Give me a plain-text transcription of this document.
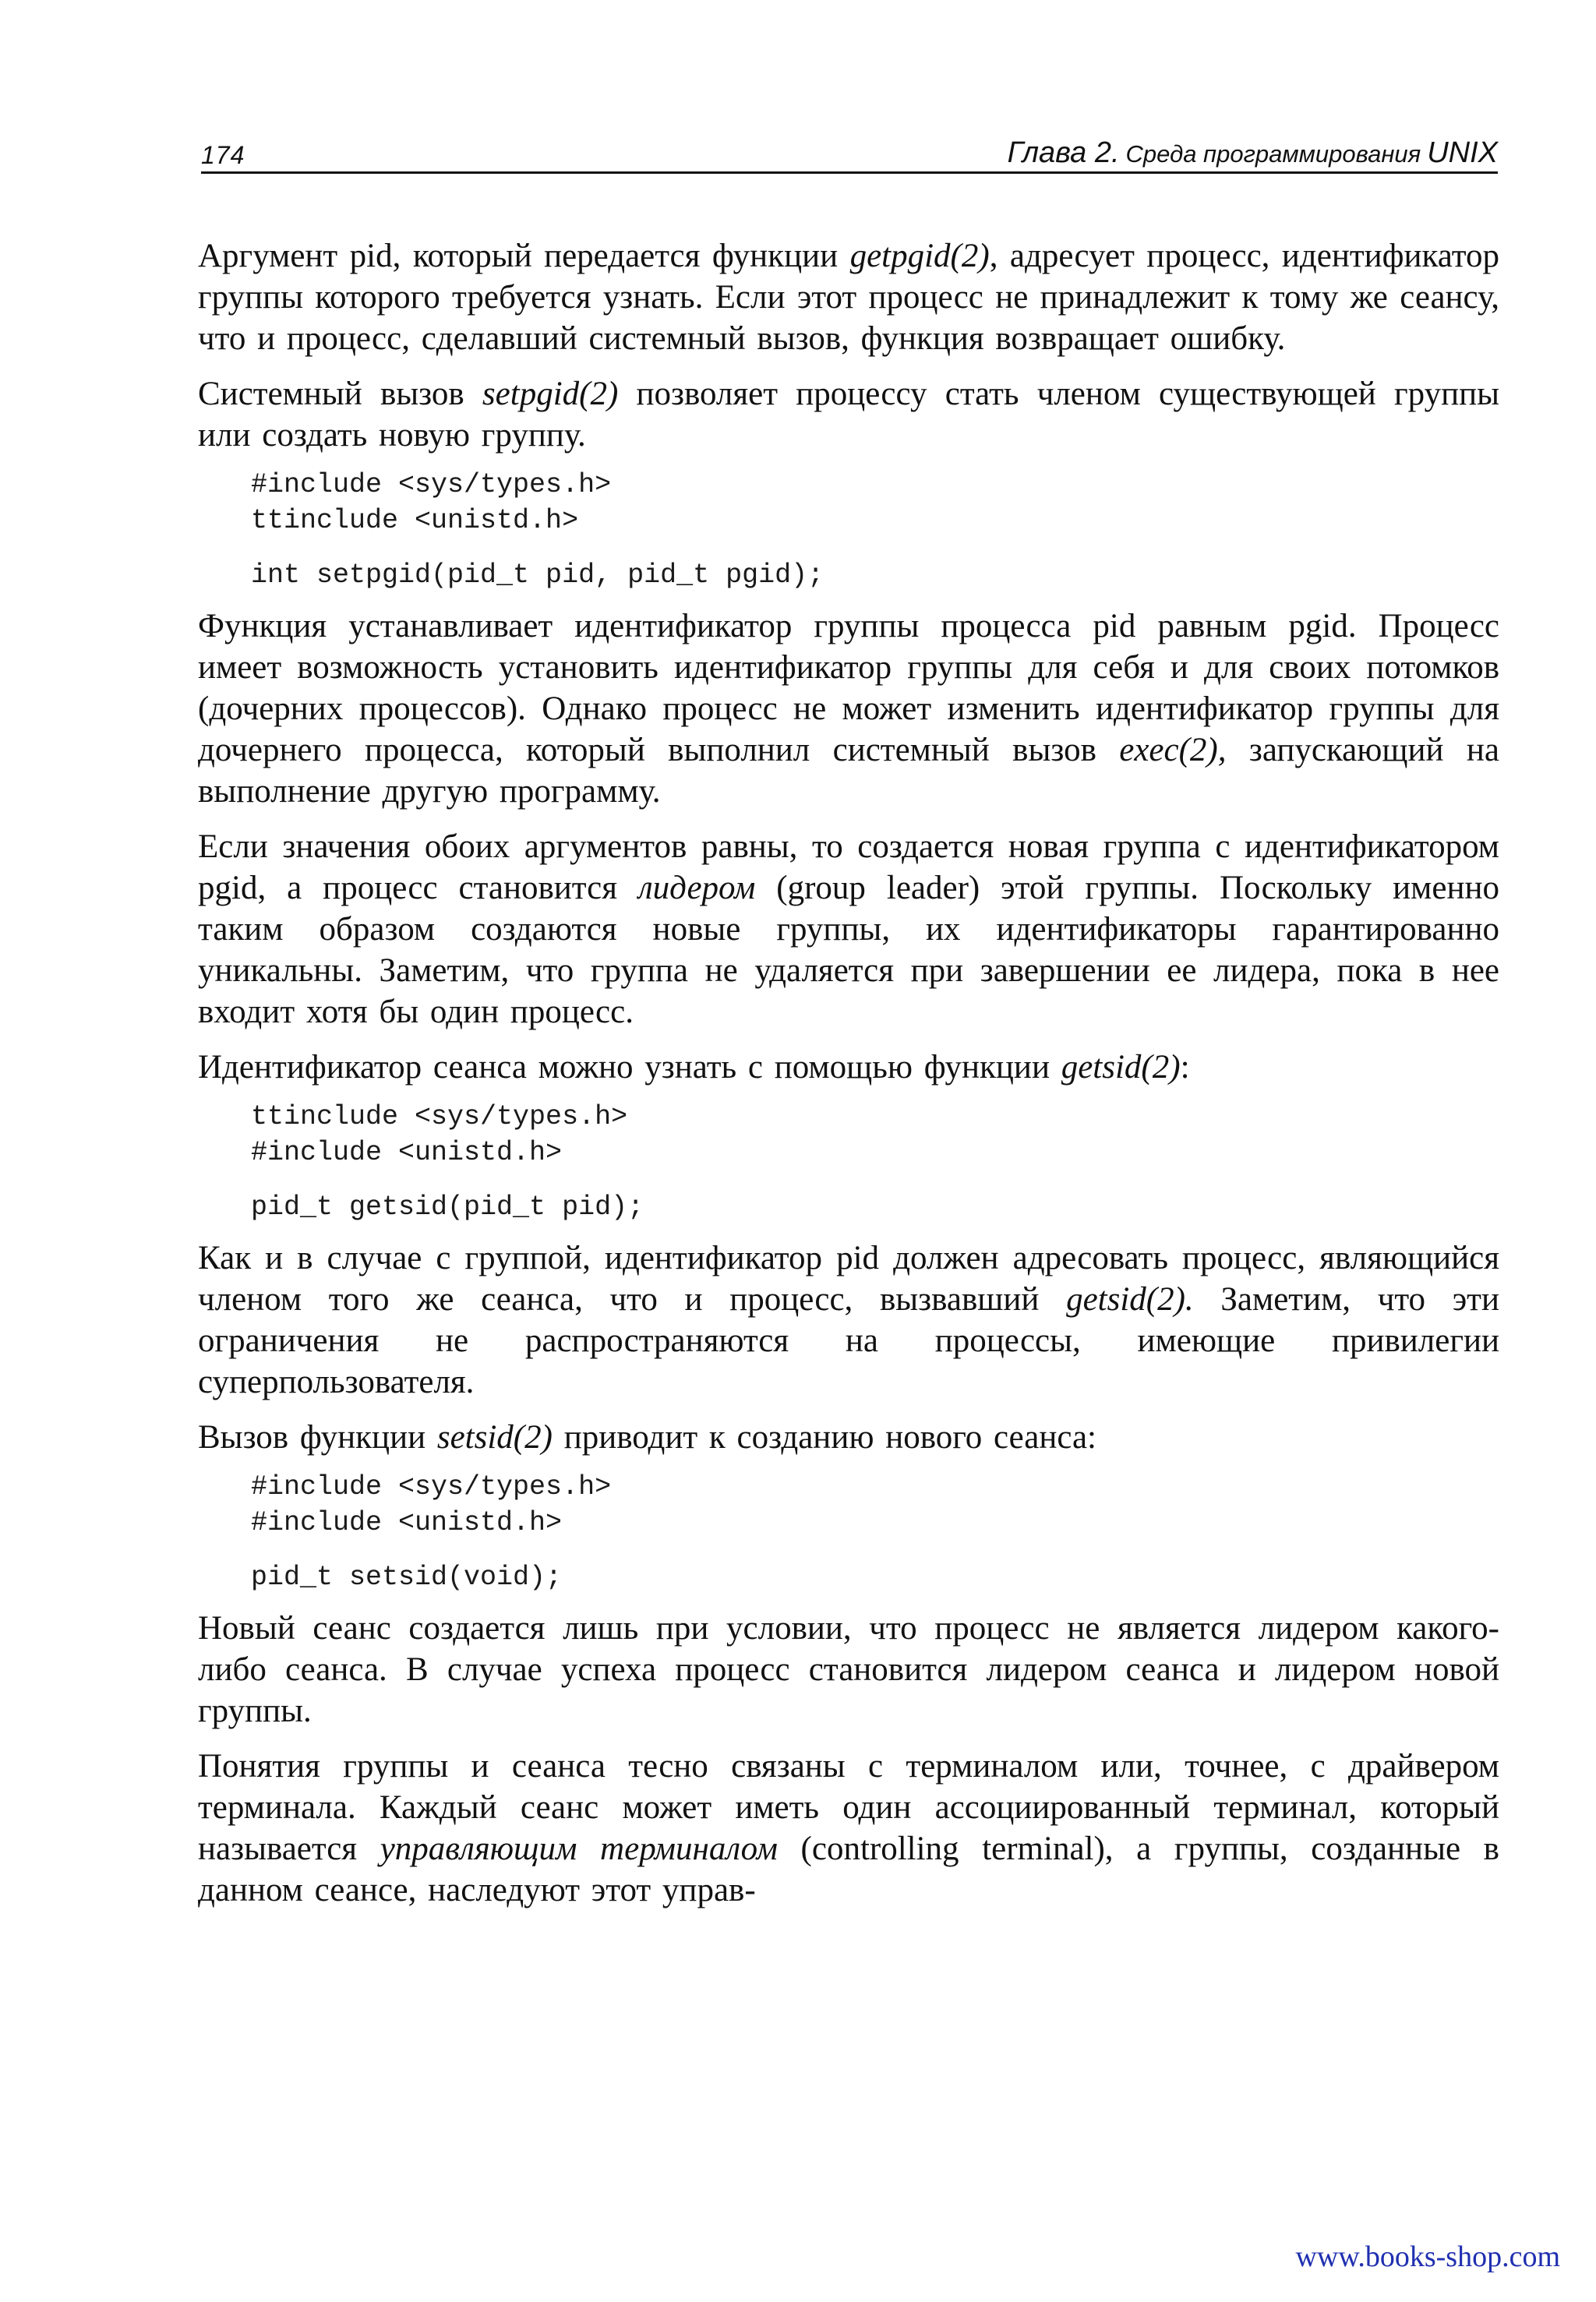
174	Глава 2. Среда программирования UNIX

Аргумент pid, который передается функции getpgid(2), адресует процесс, идентификатор группы которого требуется узнать. Если этот процесс не принадлежит к тому же сеансу, что и процесс, сделавший системный вызов, функция возвращает ошибку.

Системный вызов setpgid(2) позволяет процессу стать членом существующей группы или создать новую группу.

#include <sys/types.h>
ttinclude <unistd.h>
int setpgid(pid_t pid, pid_t pgid);

Функция устанавливает идентификатор группы процесса pid равным pgid. Процесс имеет возможность установить идентификатор группы для себя и для своих потомков (дочерних процессов). Однако процесс не может изменить идентификатор группы для дочернего процесса, который выполнил системный вызов exec(2), запускающий на выполнение другую программу.

Если значения обоих аргументов равны, то создается новая группа с идентификатором pgid, а процесс становится лидером (group leader) этой группы. Поскольку именно таким образом создаются новые группы, их идентификаторы гарантированно уникальны. Заметим, что группа не удаляется при завершении ее лидера, пока в нее входит хотя бы один процесс.

Идентификатор сеанса можно узнать с помощью функции getsid(2):

ttinclude <sys/types.h>
#include <unistd.h>
pid_t getsid(pid_t pid);

Как и в случае с группой, идентификатор pid должен адресовать процесс, являющийся членом того же сеанса, что и процесс, вызвавший getsid(2). Заметим, что эти ограничения не распространяются на процессы, имеющие привилегии суперпользователя.

Вызов функции setsid(2) приводит к созданию нового сеанса:

#include <sys/types.h>
#include <unistd.h>
pid_t setsid(void);

Новый сеанс создается лишь при условии, что процесс не является лидером какого-либо сеанса. В случае успеха процесс становится лидером сеанса и лидером новой группы.

Понятия группы и сеанса тесно связаны с терминалом или, точнее, с драйвером терминала. Каждый сеанс может иметь один ассоциированный терминал, который называется управляющим терминалом (controlling terminal), а группы, созданные в данном сеансе, наследуют этот управ-

www.books-shop.com
